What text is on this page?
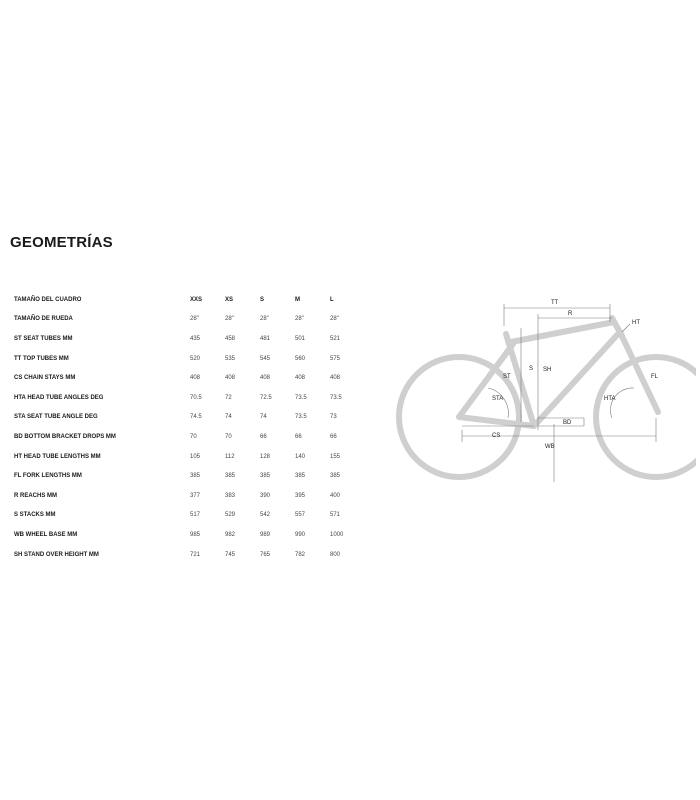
GEOMETRÍAS
TAMAÑO DEL CUADRO	XXS	XS	S	M	L
TAMAÑO DE RUEDA	28"	28"	28"	28"	28"
ST SEAT TUBES MM	435	458	481	501	521
TT TOP TUBES MM	520	535	545	560	575
CS CHAIN STAYS MM	408	408	408	408	408
HTA HEAD TUBE ANGLES DEG	70.5	72	72.5	73.5	73.5
STA SEAT TUBE ANGLE DEG	74.5	74	74	73.5	73
BD BOTTOM BRACKET DROPS MM	70	70	66	66	66
HT HEAD TUBE LENGTHS MM	105	112	128	140	155
FL FORK LENGTHS MM	385	385	385	385	385
R REACHS MM	377	383	390	395	400
S STACKS MM	517	529	542	557	571
WB WHEEL BASE MM	985	982	989	990	1000
SH STAND OVER HEIGHT MM	721	745	765	782	800
TT
R
HT
S SH
ST
STA
FL
HTA
BD
CS
WB
